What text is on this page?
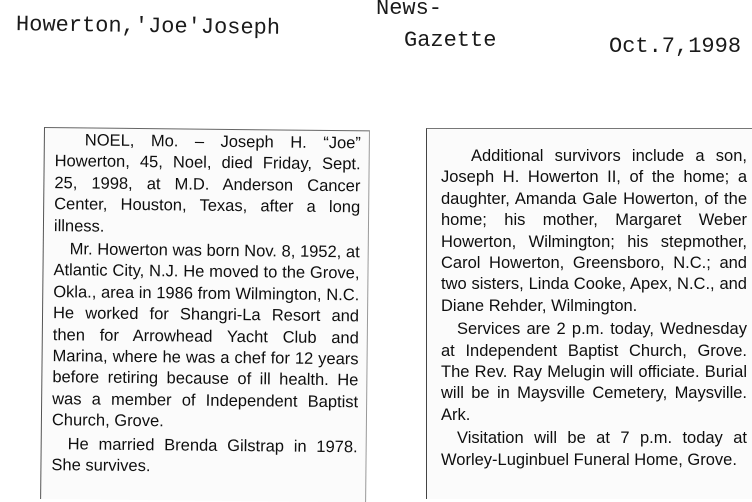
Howerton,'Joe'Joseph
News-
Gazette	Oct.7,1998

NOEL, Mo. – Joseph H. “Joe” Howerton, 45, Noel, died Friday, Sept. 25, 1998, at M.D. Anderson Cancer Center, Houston, Texas, after a long illness.

Mr. Howerton was born Nov. 8, 1952, at Atlantic City, N.J. He moved to the Grove, Okla., area in 1986 from Wilmington, N.C. He worked for Shangri-La Resort and then for Arrowhead Yacht Club and Marina, where he was a chef for 12 years before retiring because of ill health. He was a member of Independent Baptist Church, Grove.

He married Brenda Gilstrap in 1978. She survives.

Additional survivors include a son, Joseph H. Howerton II, of the home; a daughter, Amanda Gale Howerton, of the home; his mother, Margaret Weber Howerton, Wilmington; his stepmother, Carol Howerton, Greensboro, N.C.; and two sisters, Linda Cooke, Apex, N.C., and Diane Rehder, Wilmington.

Services are 2 p.m. today, Wednesday at Independent Baptist Church, Grove. The Rev. Ray Melugin will officiate. Burial will be in Maysville Cemetery, Maysville. Ark.

Visitation will be at 7 p.m. today at Worley-Luginbuel Funeral Home, Grove.
